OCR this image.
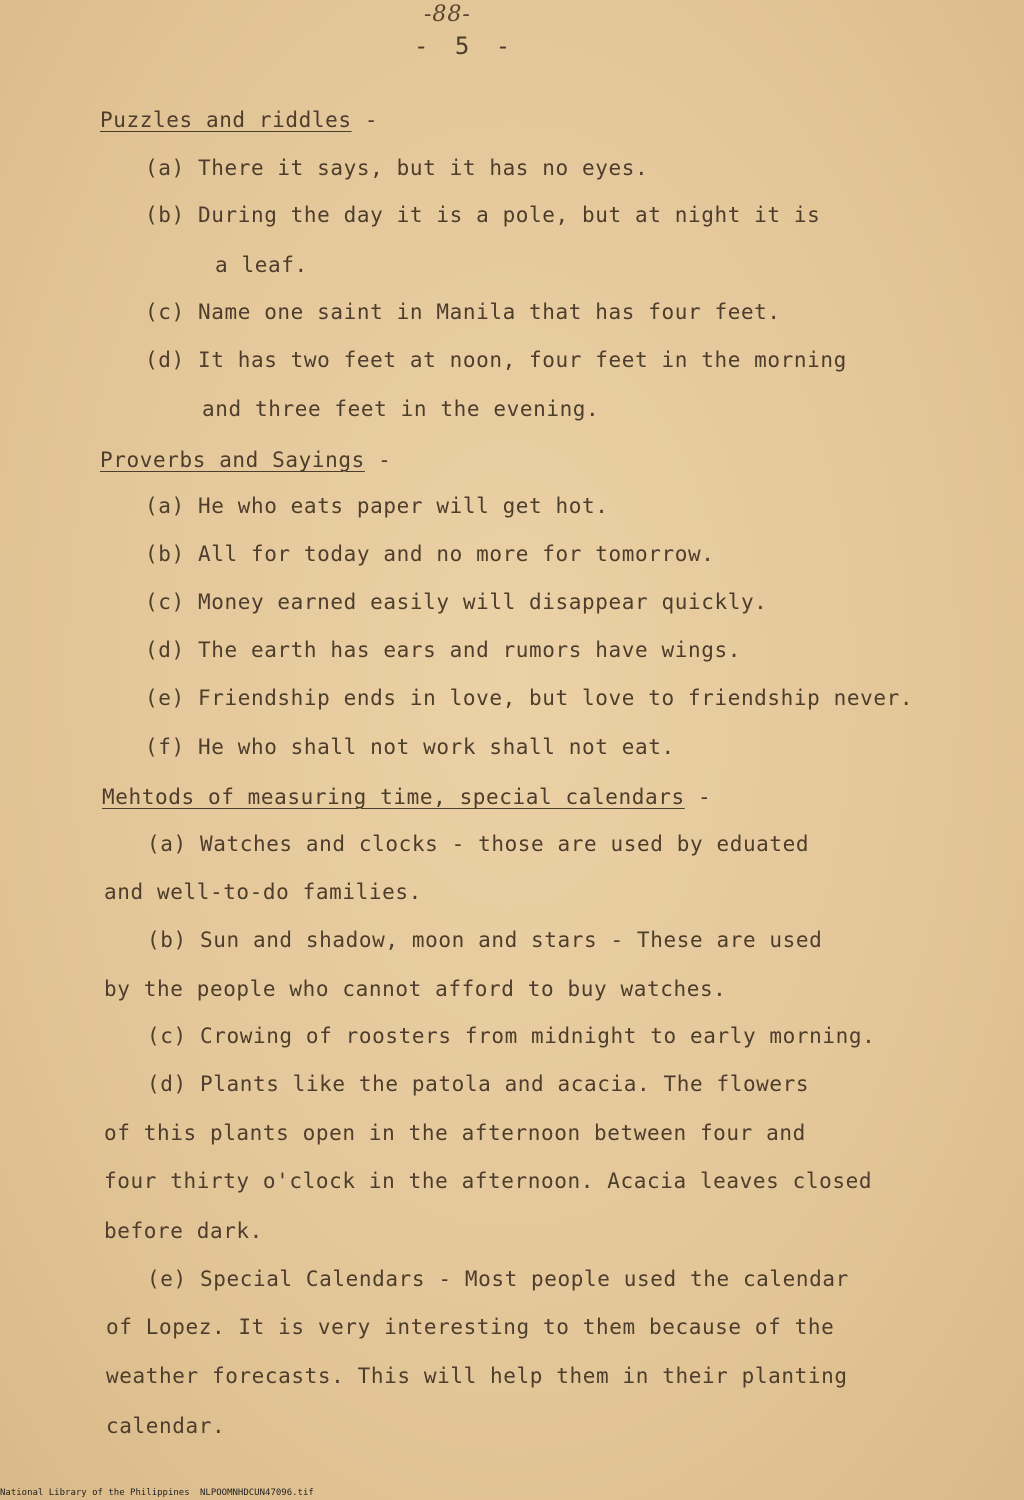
-88-
- 5 -
Puzzles and riddles -
(a) There it says, but it has no eyes.
(b) During the day it is a pole, but at night it is
a leaf.
(c) Name one saint in Manila that has four feet.
(d) It has two feet at noon, four feet in the morning
and three feet in the evening.
Proverbs and Sayings -
(a) He who eats paper will get hot.
(b) All for today and no more for tomorrow.
(c) Money earned easily will disappear quickly.
(d) The earth has ears and rumors have wings.
(e) Friendship ends in love, but love to friendship never.
(f) He who shall not work shall not eat.
Mehtods of measuring time, special calendars -
(a) Watches and clocks - those are used by eduated
and well-to-do families.
(b) Sun and shadow, moon and stars - These are used
by the people who cannot afford to buy watches.
(c) Crowing of roosters from midnight to early morning.
(d) Plants like the patola and acacia. The flowers
of this plants open in the afternoon between four and
four thirty o'clock in the afternoon. Acacia leaves closed
before dark.
(e) Special Calendars - Most people used the calendar
of Lopez. It is very interesting to them because of the
weather forecasts. This will help them in their planting
calendar.
National Library of the Philippines NLPOOMNHDCUN47096.tif
